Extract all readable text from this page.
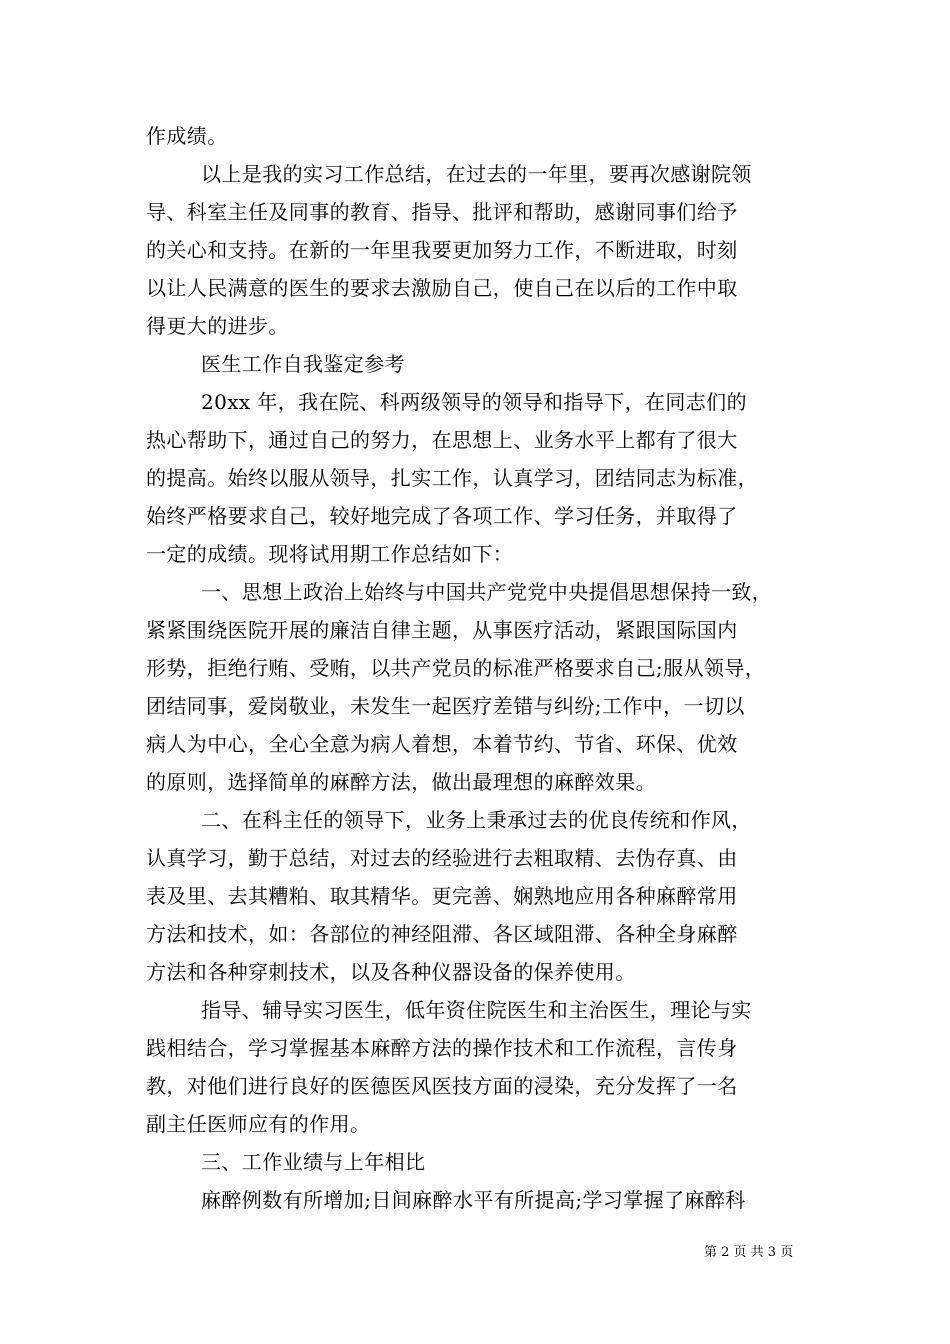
作成绩。
以上是我的实习工作总结，在过去的一年里，要再次感谢院领
导、科室主任及同事的教育、指导、批评和帮助，感谢同事们给予
的关心和支持。在新的一年里我要更加努力工作，不断进取，时刻
以让人民满意的医生的要求去激励自己，使自己在以后的工作中取
得更大的进步。
医生工作自我鉴定参考
20xx 年，我在院、科两级领导的领导和指导下，在同志们的
热心帮助下，通过自己的努力，在思想上、业务水平上都有了很大
的提高。始终以服从领导，扎实工作，认真学习，团结同志为标准，
始终严格要求自己，较好地完成了各项工作、学习任务，并取得了
一定的成绩。现将试用期工作总结如下：
一、思想上政治上始终与中国共产党党中央提倡思想保持一致，
紧紧围绕医院开展的廉洁自律主题，从事医疗活动，紧跟国际国内
形势，拒绝行贿、受贿，以共产党员的标准严格要求自己;服从领导，
团结同事，爱岗敬业，未发生一起医疗差错与纠纷;工作中，一切以
病人为中心，全心全意为病人着想，本着节约、节省、环保、优效
的原则，选择简单的麻醉方法，做出最理想的麻醉效果。
二、在科主任的领导下，业务上秉承过去的优良传统和作风，
认真学习，勤于总结，对过去的经验进行去粗取精、去伪存真、由
表及里、去其糟粕、取其精华。更完善、娴熟地应用各种麻醉常用
方法和技术，如：各部位的神经阻滞、各区域阻滞、各种全身麻醉
方法和各种穿刺技术，以及各种仪器设备的保养使用。
指导、辅导实习医生，低年资住院医生和主治医生，理论与实
践相结合，学习掌握基本麻醉方法的操作技术和工作流程，言传身
教，对他们进行良好的医德医风医技方面的浸染，充分发挥了一名
副主任医师应有的作用。
三、工作业绩与上年相比
麻醉例数有所增加;日间麻醉水平有所提高;学习掌握了麻醉科
第 2 页 共 3 页
